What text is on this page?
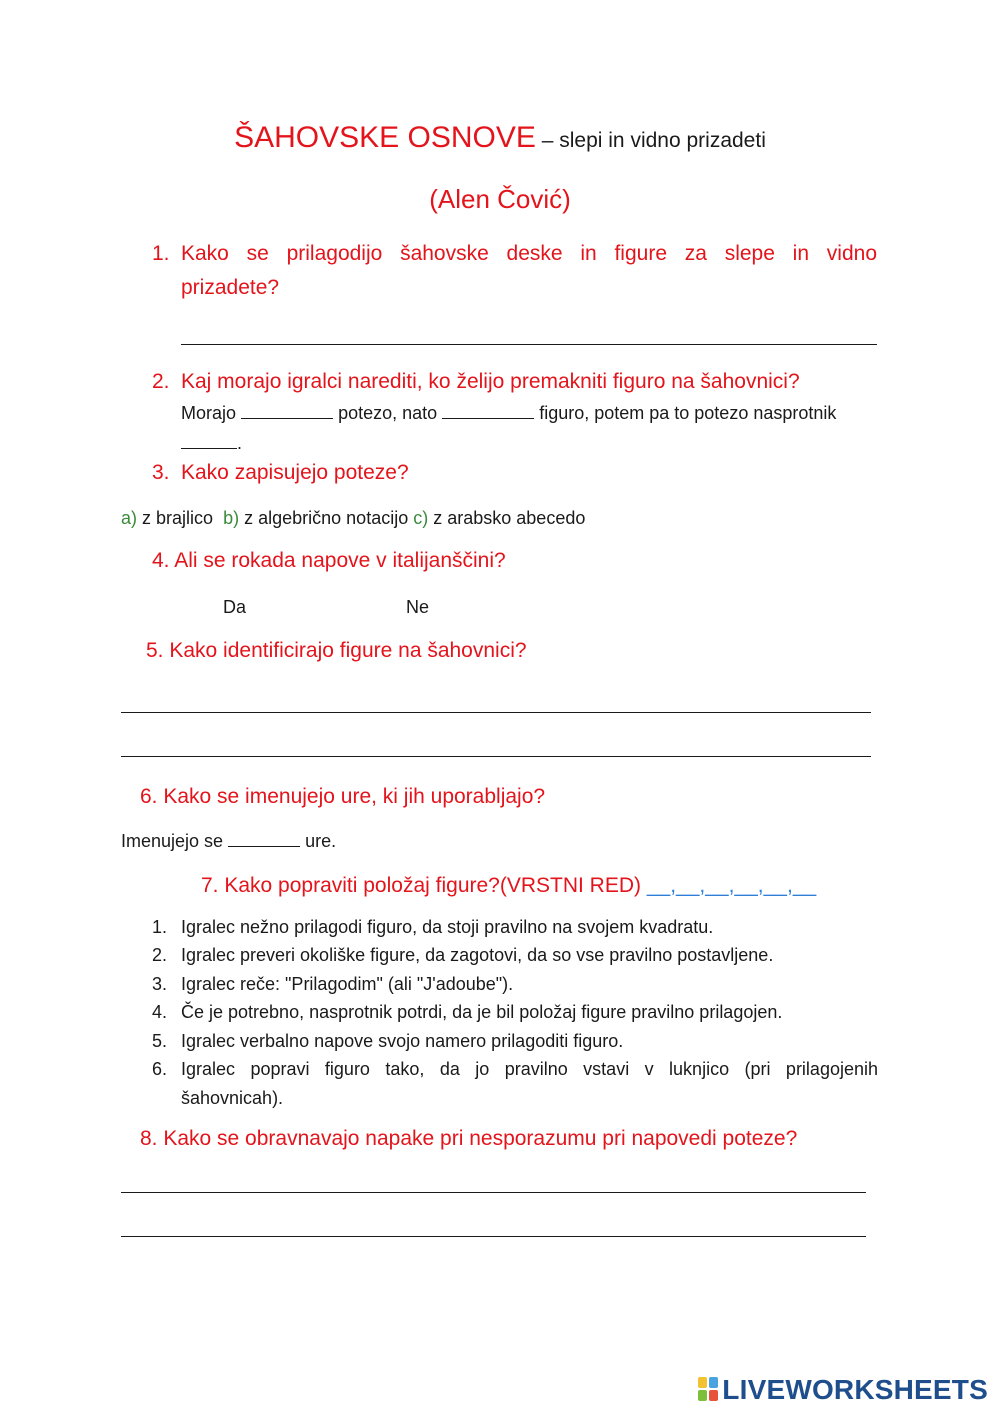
ŠAHOVSKE OSNOVE – slepi in vidno prizadeti
(Alen Čović)
1. Kako se prilagodijo šahovske deske in figure za slepe in vidno
prizadete?
2. Kaj morajo igralci narediti, ko želijo premakniti figuro na šahovnici?
Morajo	potezo, nato	figuro, potem pa to potezo nasprotnik
.
3. Kako zapisujejo poteze?
a) z brajlico b) z algebrično notacijo c) z arabsko abecedo
4. Ali se rokada napove v italijanščini?
Da	Ne
5. Kako identificirajo figure na šahovnici?
6. Kako se imenujejo ure, ki jih uporabljajo?
Imenujejo se	ure.
7. Kako popraviti položaj figure?(VRSTNI RED) __,__,__,__,__,__
1. Igralec nežno prilagodi figuro, da stoji pravilno na svojem kvadratu.
2. Igralec preveri okoliške figure, da zagotovi, da so vse pravilno postavljene.
3. Igralec reče: "Prilagodim" (ali "J'adoube").
4. Če je potrebno, nasprotnik potrdi, da je bil položaj figure pravilno prilagojen.
5. Igralec verbalno napove svojo namero prilagoditi figuro.
6. Igralec popravi figuro tako, da jo pravilno vstavi v luknjico (pri prilagojenih
šahovnicah).
8. Kako se obravnavajo napake pri nesporazumu pri napovedi poteze?
LIVEWORKSHEETS
